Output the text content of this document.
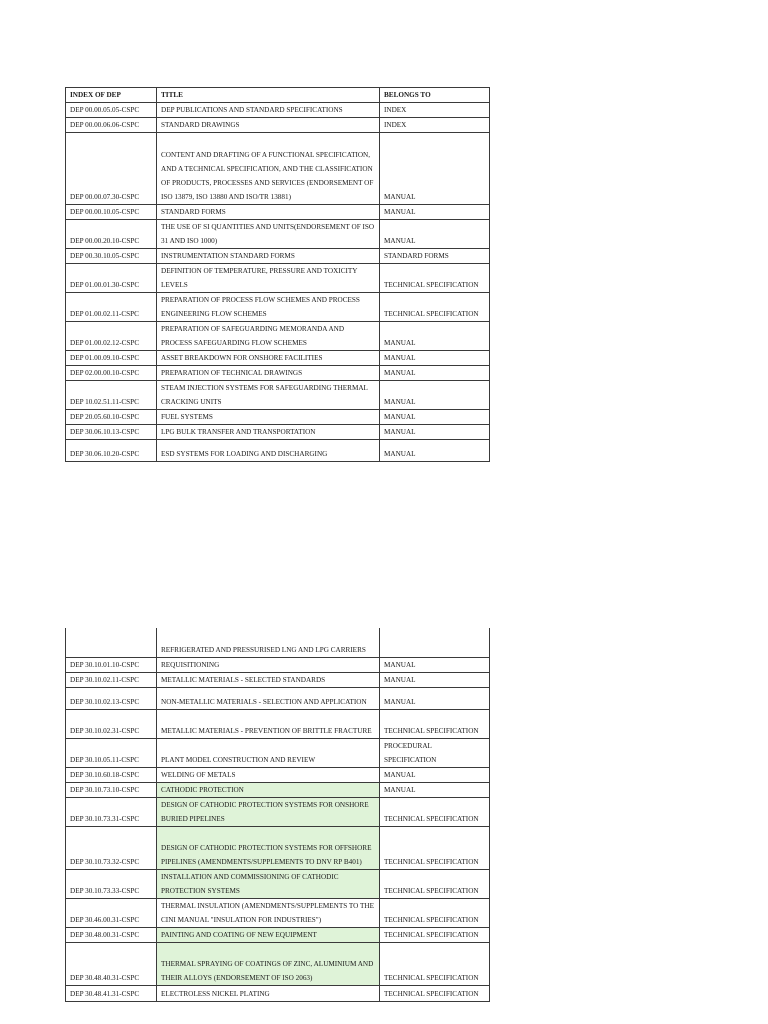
INDEX OF DEP	TITLE	BELONGS TO
DEP 00.00.05.05-CSPC	DEP PUBLICATIONS AND STANDARD SPECIFICATIONS	INDEX
DEP 00.00.06.06-CSPC	STANDARD DRAWINGS	INDEX
DEP 00.00.07.30-CSPC	CONTENT AND DRAFTING OF A FUNCTIONAL SPECIFICATION, AND A TECHNICAL SPECIFICATION, AND THE CLASSIFICATION OF PRODUCTS, PROCESSES AND SERVICES (ENDORSEMENT OF ISO 13879, ISO 13880 AND ISO/TR 13881)	MANUAL
DEP 00.00.10.05-CSPC	STANDARD FORMS	MANUAL
DEP 00.00.20.10-CSPC	THE USE OF SI QUANTITIES AND UNITS(ENDORSEMENT OF ISO 31 AND ISO 1000)	MANUAL
DEP 00.30.10.05-CSPC	INSTRUMENTATION STANDARD FORMS	STANDARD FORMS
DEP 01.00.01.30-CSPC	DEFINITION OF TEMPERATURE, PRESSURE AND TOXICITY LEVELS	TECHNICAL SPECIFICATION
DEP 01.00.02.11-CSPC	PREPARATION OF PROCESS FLOW SCHEMES AND PROCESS ENGINEERING FLOW SCHEMES	TECHNICAL SPECIFICATION
DEP 01.00.02.12-CSPC	PREPARATION OF SAFEGUARDING MEMORANDA AND PROCESS SAFEGUARDING FLOW SCHEMES	MANUAL
DEP 01.00.09.10-CSPC	ASSET BREAKDOWN FOR ONSHORE FACILITIES	MANUAL
DEP 02.00.00.10-CSPC	PREPARATION OF TECHNICAL DRAWINGS	MANUAL
DEP 10.02.51.11-CSPC	STEAM INJECTION SYSTEMS FOR SAFEGUARDING THERMAL CRACKING UNITS	MANUAL
DEP 20.05.60.10-CSPC	FUEL SYSTEMS	MANUAL
DEP 30.06.10.13-CSPC	LPG BULK TRANSFER AND TRANSPORTATION	MANUAL
DEP 30.06.10.20-CSPC	ESD SYSTEMS FOR LOADING AND DISCHARGING	MANUAL
	REFRIGERATED AND PRESSURISED LNG AND LPG CARRIERS	
DEP 30.10.01.10-CSPC	REQUISITIONING	MANUAL
DEP 30.10.02.11-CSPC	METALLIC MATERIALS - SELECTED STANDARDS	MANUAL
DEP 30.10.02.13-CSPC	NON-METALLIC MATERIALS - SELECTION AND APPLICATION	MANUAL
DEP 30.10.02.31-CSPC	METALLIC MATERIALS - PREVENTION OF BRITTLE FRACTURE	TECHNICAL SPECIFICATION
DEP 30.10.05.11-CSPC	PLANT MODEL CONSTRUCTION AND REVIEW	PROCEDURAL SPECIFICATION
DEP 30.10.60.18-CSPC	WELDING OF METALS	MANUAL
DEP 30.10.73.10-CSPC	CATHODIC PROTECTION	MANUAL
DEP 30.10.73.31-CSPC	DESIGN OF CATHODIC PROTECTION SYSTEMS FOR ONSHORE BURIED PIPELINES	TECHNICAL SPECIFICATION
DEP 30.10.73.32-CSPC	DESIGN OF CATHODIC PROTECTION SYSTEMS FOR OFFSHORE PIPELINES (AMENDMENTS/SUPPLEMENTS TO DNV RP B401)	TECHNICAL SPECIFICATION
DEP 30.10.73.33-CSPC	INSTALLATION AND COMMISSIONING OF CATHODIC PROTECTION SYSTEMS	TECHNICAL SPECIFICATION
DEP 30.46.00.31-CSPC	THERMAL INSULATION (AMENDMENTS/SUPPLEMENTS TO THE CINI MANUAL "INSULATION FOR INDUSTRIES")	TECHNICAL SPECIFICATION
DEP 30.48.00.31-CSPC	PAINTING AND COATING OF NEW EQUIPMENT	TECHNICAL SPECIFICATION
DEP 30.48.40.31-CSPC	THERMAL SPRAYING OF COATINGS OF ZINC, ALUMINIUM AND THEIR ALLOYS (ENDORSEMENT OF ISO 2063)	TECHNICAL SPECIFICATION
DEP 30.48.41.31-CSPC	ELECTROLESS NICKEL PLATING	TECHNICAL SPECIFICATION
